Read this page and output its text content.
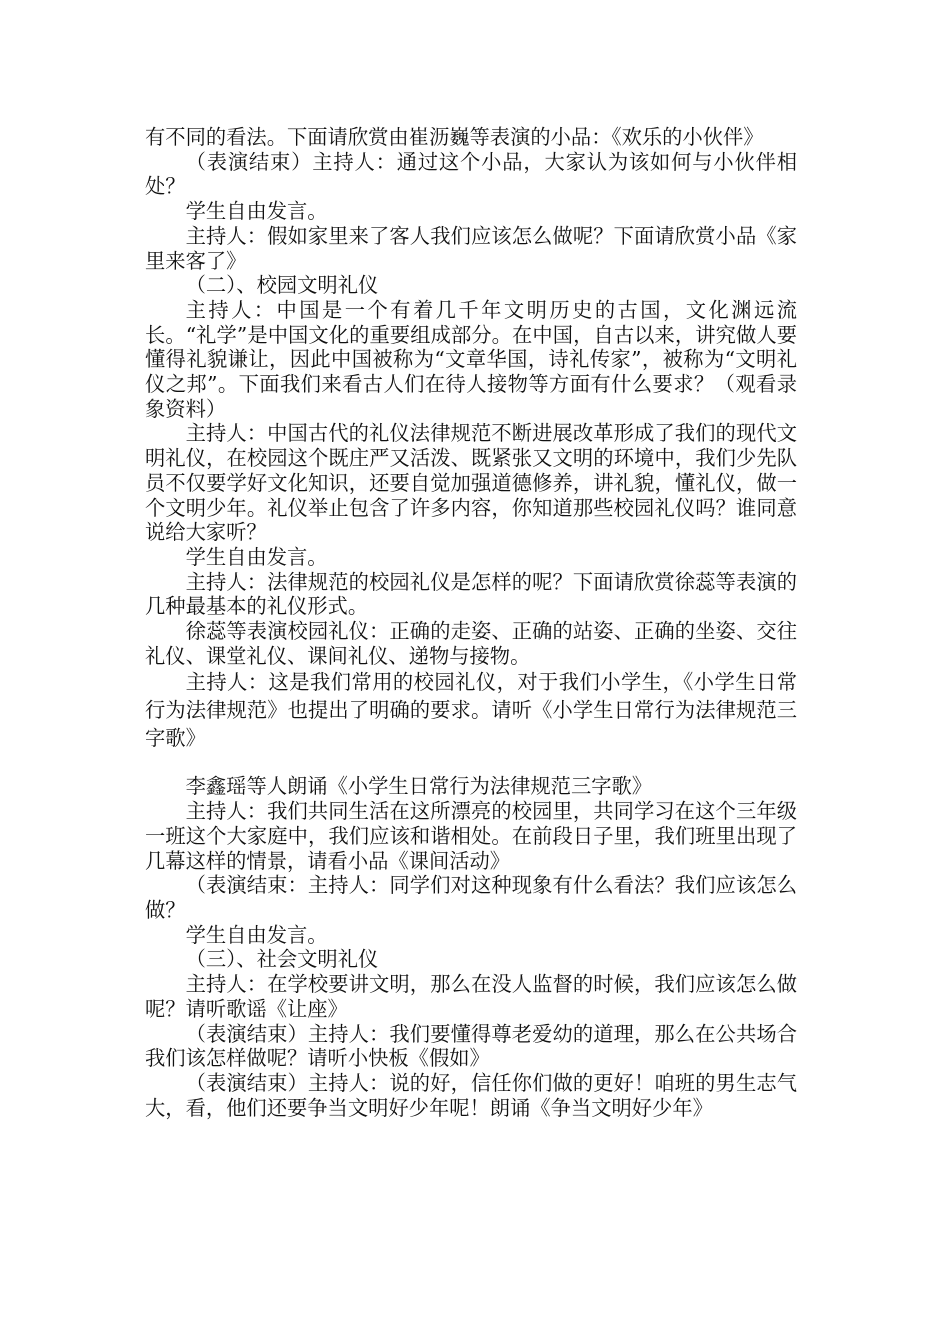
有不同的看法。下面请欣赏由崔沥巍等表演的小品：《欢乐的小伙伴》

（表演结束）主持人：通过这个小品，大家认为该如何与小伙伴相处？

学生自由发言。

主持人：假如家里来了客人我们应该怎么做呢？下面请欣赏小品《家里来客了》

（二）、校园文明礼仪

主持人：中国是一个有着几千年文明历史的古国，文化渊远流长。“礼学”是中国文化的重要组成部分。在中国，自古以来，讲究做人要懂得礼貌谦让，因此中国被称为“文章华国，诗礼传家”，被称为“文明礼仪之邦”。下面我们来看古人们在待人接物等方面有什么要求？（观看录象资料）

主持人：中国古代的礼仪法律规范不断进展改革形成了我们的现代文明礼仪，在校园这个既庄严又活泼、既紧张又文明的环境中，我们少先队员不仅要学好文化知识，还要自觉加强道德修养，讲礼貌，懂礼仪，做一个文明少年。礼仪举止包含了许多内容，你知道那些校园礼仪吗？谁同意说给大家听？

学生自由发言。

主持人：法律规范的校园礼仪是怎样的呢？下面请欣赏徐蕊等表演的几种最基本的礼仪形式。

徐蕊等表演校园礼仪：正确的走姿、正确的站姿、正确的坐姿、交往礼仪、课堂礼仪、课间礼仪、递物与接物。

主持人：这是我们常用的校园礼仪，对于我们小学生，《小学生日常行为法律规范》也提出了明确的要求。请听《小学生日常行为法律规范三字歌》

李鑫瑶等人朗诵《小学生日常行为法律规范三字歌》

主持人：我们共同生活在这所漂亮的校园里，共同学习在这个三年级一班这个大家庭中，我们应该和谐相处。在前段日子里，我们班里出现了几幕这样的情景，请看小品《课间活动》

（表演结束：主持人：同学们对这种现象有什么看法？我们应该怎么做？

学生自由发言。

（三）、社会文明礼仪

主持人：在学校要讲文明，那么在没人监督的时候，我们应该怎么做呢？请听歌谣《让座》

（表演结束）主持人：我们要懂得尊老爱幼的道理，那么在公共场合我们该怎样做呢？请听小快板《假如》

（表演结束）主持人：说的好，信任你们做的更好！咱班的男生志气大，看，他们还要争当文明好少年呢！朗诵《争当文明好少年》
